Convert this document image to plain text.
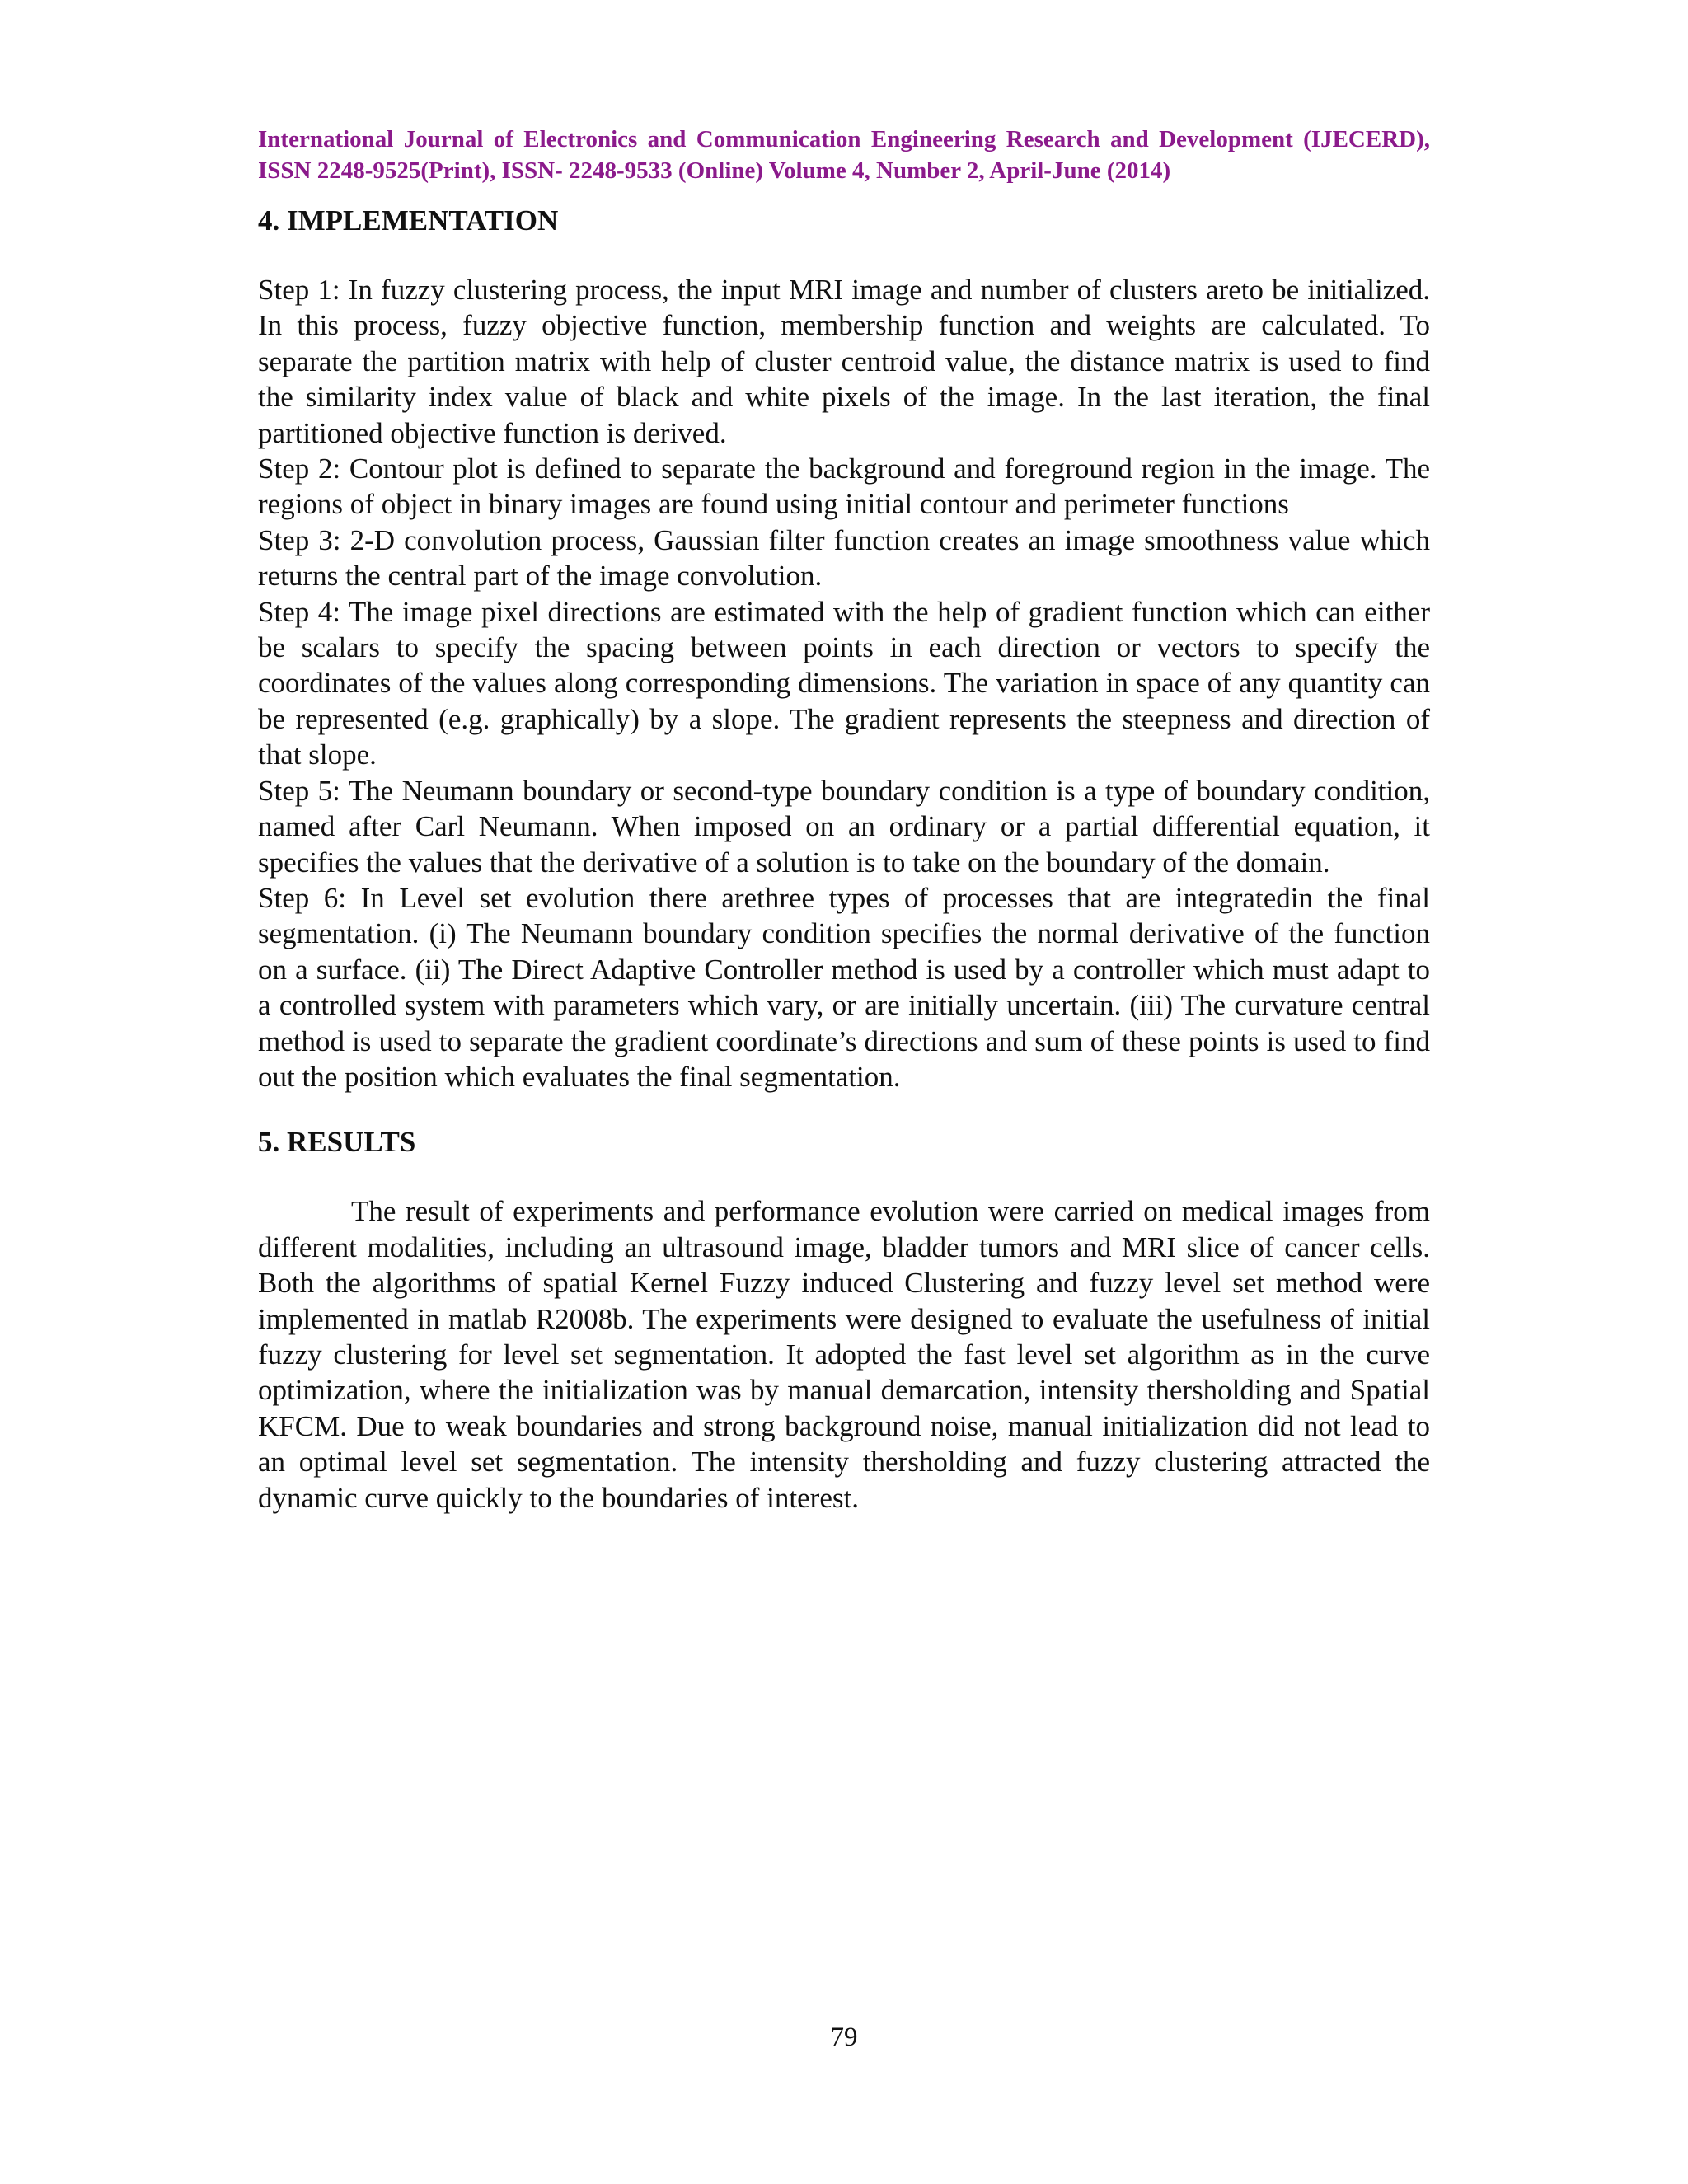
International Journal of Electronics and Communication Engineering Research and Development (IJECERD), ISSN 2248-9525(Print), ISSN- 2248-9533 (Online) Volume 4, Number 2, April-June (2014)

4. IMPLEMENTATION

Step 1: In fuzzy clustering process, the input MRI image and number of clusters areto be initialized. In this process, fuzzy objective function, membership function and weights are calculated. To separate the partition matrix with help of cluster centroid value, the distance matrix is used to find the similarity index value of black and white pixels of the image. In the last iteration, the final partitioned objective function is derived.

Step 2: Contour plot is defined to separate the background and foreground region in the image. The regions of object in binary images are found using initial contour and perimeter functions

Step 3: 2-D convolution process, Gaussian filter function creates an image smoothness value which returns the central part of the image convolution.

Step 4: The image pixel directions are estimated with the help of gradient function which can either be scalars to specify the spacing between points in each direction or vectors to specify the coordinates of the values along corresponding dimensions. The variation in space of any quantity can be represented (e.g. graphically) by a slope. The gradient represents the steepness and direction of that slope.

Step 5: The Neumann boundary or second-type boundary condition is a type of boundary condition, named after Carl Neumann. When imposed on an ordinary or a partial differential equation, it specifies the values that the derivative of a solution is to take on the boundary of the domain.

Step 6: In Level set evolution there arethree types of processes that are integratedin the final segmentation. (i) The Neumann boundary condition specifies the normal derivative of the function on a surface. (ii) The Direct Adaptive Controller method is used by a controller which must adapt to a controlled system with parameters which vary, or are initially uncertain. (iii) The curvature central method is used to separate the gradient coordinate’s directions and sum of these points is used to find out the position which evaluates the final segmentation.

5. RESULTS

The result of experiments and performance evolution were carried on medical images from different modalities, including an ultrasound image, bladder tumors and MRI slice of cancer cells. Both the algorithms of spatial Kernel Fuzzy induced Clustering and fuzzy level set method were implemented in matlab R2008b. The experiments were designed to evaluate the usefulness of initial fuzzy clustering for level set segmentation. It adopted the fast level set algorithm as in the curve optimization, where the initialization was by manual demarcation, intensity thersholding and Spatial KFCM. Due to weak boundaries and strong background noise, manual initialization did not lead to an optimal level set segmentation. The intensity thersholding and fuzzy clustering attracted the dynamic curve quickly to the boundaries of interest.

79
